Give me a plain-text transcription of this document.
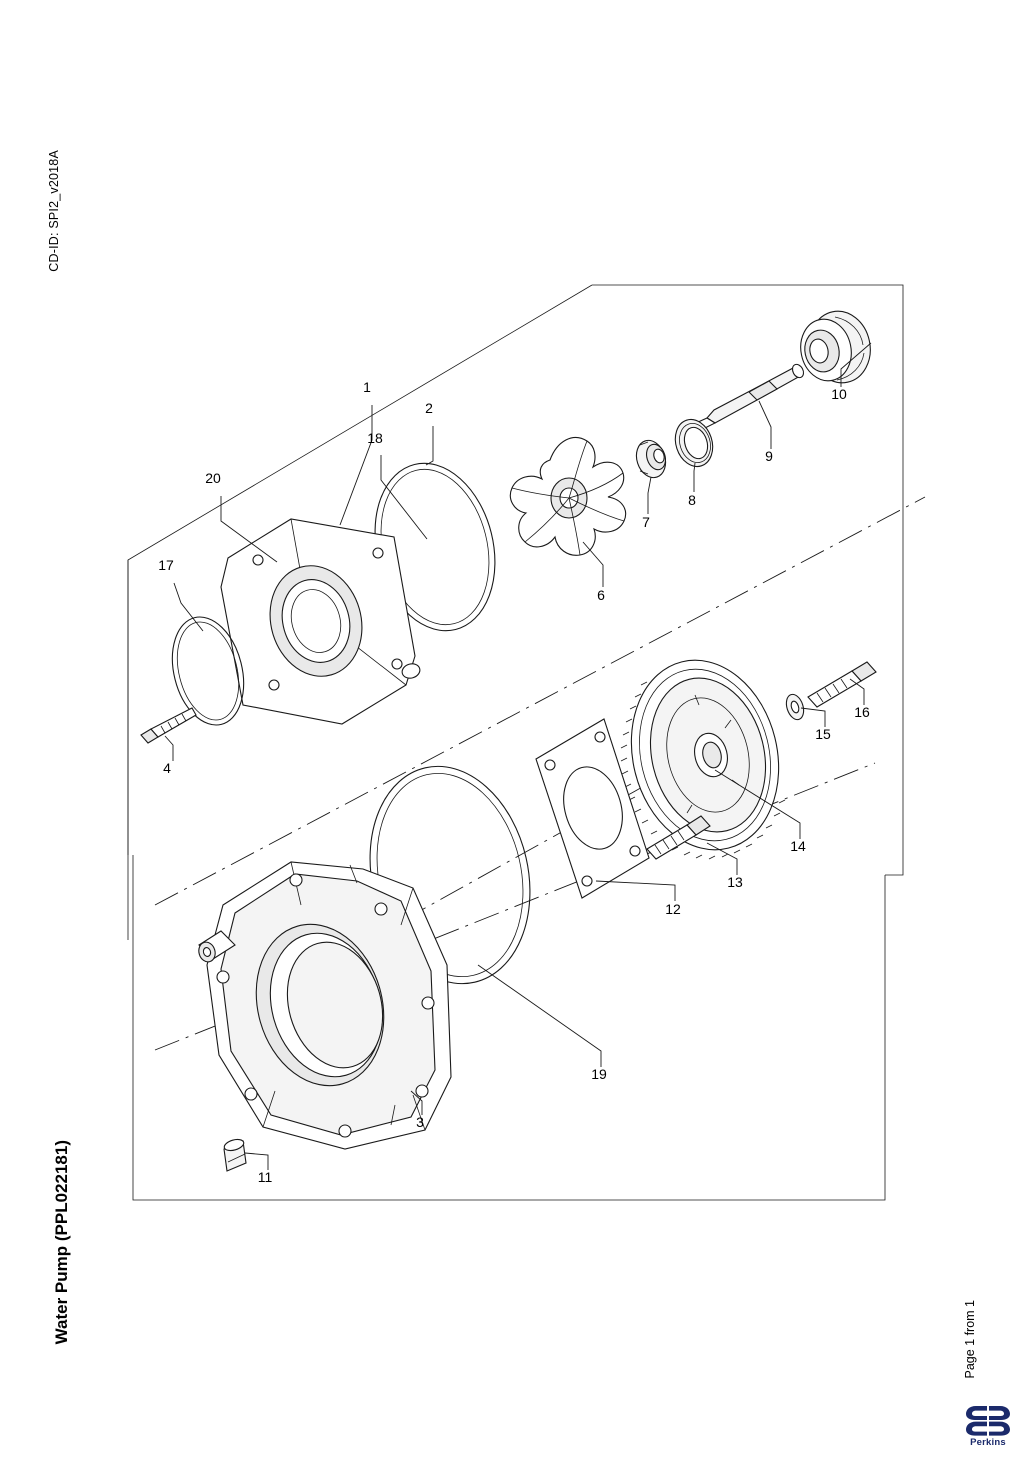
CD-ID: SPI2_v2018A
Water Pump (PPL022181)	Page 1 from 1
Perkins
1
2
3
4
6
7
8
9
10
11
12
13
14
15
16
17
18
19
20
